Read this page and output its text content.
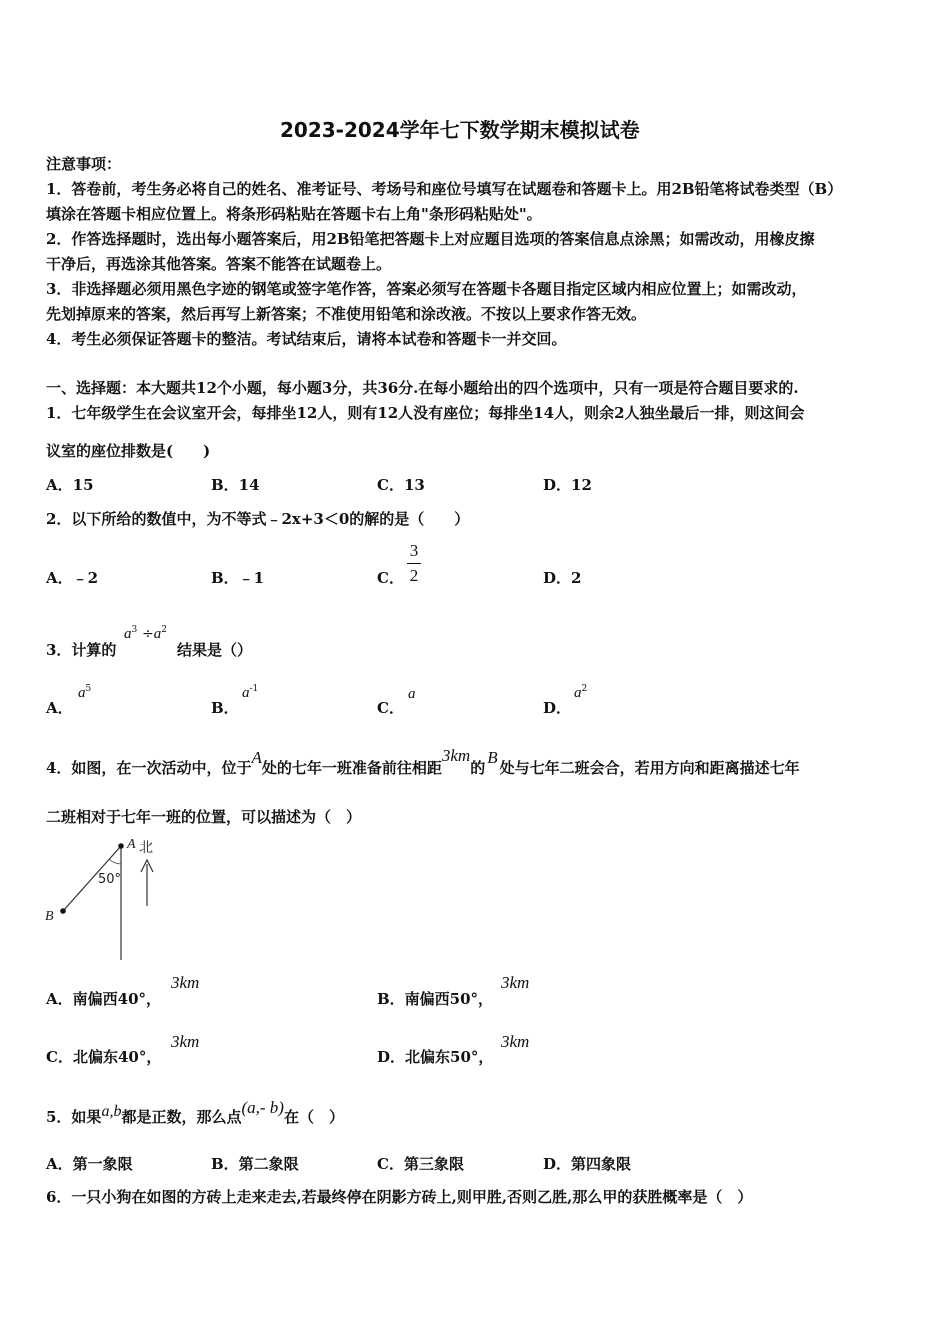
2023-2024学年七下数学期末模拟试卷
注意事项：
1．答卷前，考生务必将自己的姓名、准考证号、考场号和座位号填写在试题卷和答题卡上。用2B铅笔将试卷类型（B）
填涂在答题卡相应位置上。将条形码粘贴在答题卡右上角"条形码粘贴处"。
2．作答选择题时，选出每小题答案后，用2B铅笔把答题卡上对应题目选项的答案信息点涂黑；如需改动，用橡皮擦
干净后，再选涂其他答案。答案不能答在试题卷上。
3．非选择题必须用黑色字迹的钢笔或签字笔作答，答案必须写在答题卡各题目指定区域内相应位置上；如需改动，
先划掉原来的答案，然后再写上新答案；不准使用铅笔和涂改液。不按以上要求作答无效。
4．考生必须保证答题卡的整洁。考试结束后，请将本试卷和答题卡一并交回。
一、选择题：本大题共12个小题，每小题3分，共36分.在每小题给出的四个选项中，只有一项是符合题目要求的.
1．七年级学生在会议室开会，每排坐12人，则有12人没有座位；每排坐14人，则余2人独坐最后一排，则这间会
议室的座位排数是(　　)
A．15	B．14	C．13	D．12
2．以下所给的数值中，为不等式﹣2x+3＜0的解的是（　　）
A．﹣2	B．﹣1	C．
3
2	D．2
3．计算的
$a^3 \div a^2$
结果是（）
A．
$a^5$
B．
$a^{-1}$
C．
a
D．
$a^2$
4．如图，在一次活动中，位于A处的七年一班准备前往相距3km的B处与七年二班会合，若用方向和距离描述七年
二班相对于七年一班的位置，可以描述为（　）
A
B
50°
北
A．南偏西40°，
3km
B．南偏西50°，
3km
C．北偏东40°，
3km
D．北偏东50°，
3km
5．如果a,b都是正数，那么点(a,- b)在（　）
A．第一象限	B．第二象限	C．第三象限	D．第四象限
6．一只小狗在如图的方砖上走来走去,若最终停在阴影方砖上,则甲胜,否则乙胜,那么甲的获胜概率是（　）
